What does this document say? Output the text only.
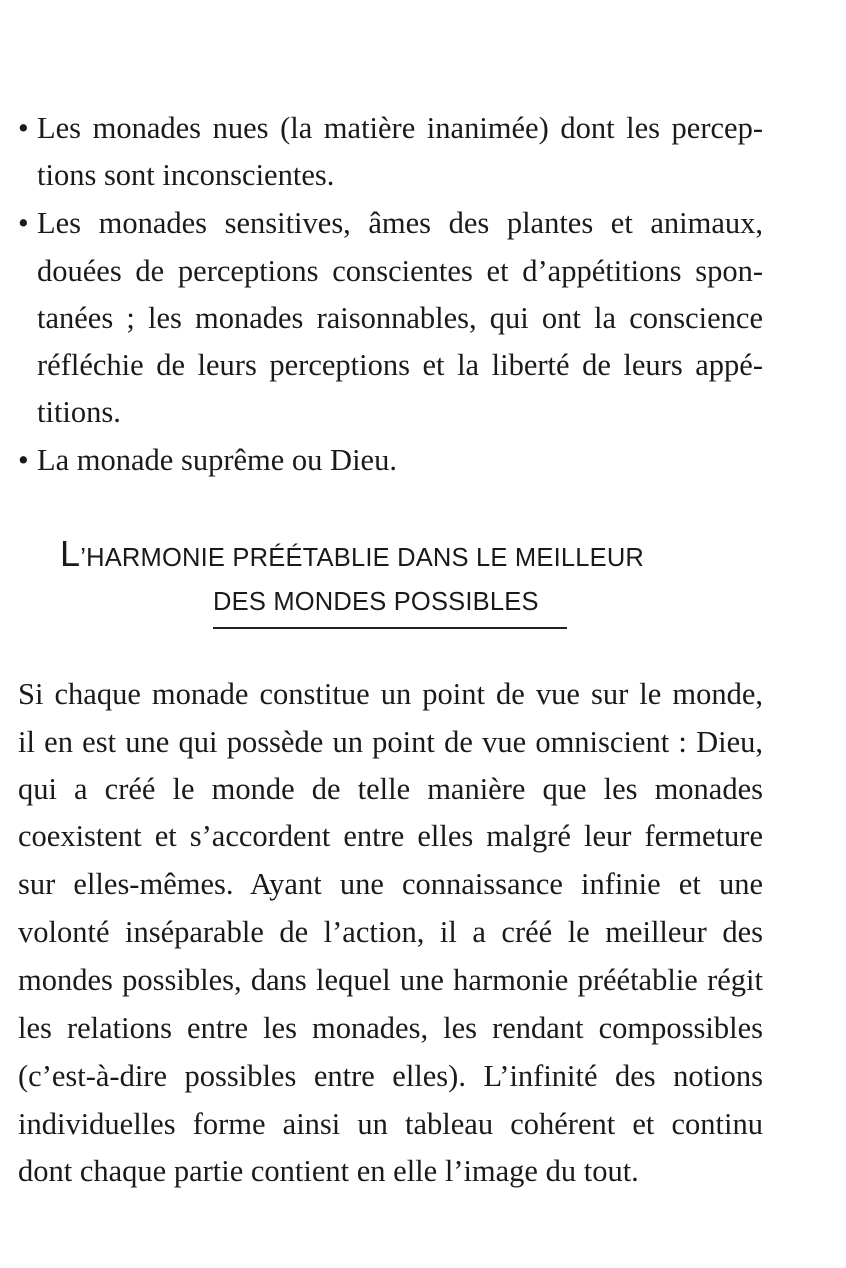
• Les monades nues (la matière inanimée) dont les percep-
tions sont inconscientes.
• Les monades sensitives, âmes des plantes et animaux,
douées de perceptions conscientes et d’appétitions spon-
tanées ; les monades raisonnables, qui ont la conscience
réfléchie de leurs perceptions et la liberté de leurs appé-
titions.
• La monade suprême ou Dieu.
L’HARMONIE PRÉÉTABLIE DANS LE MEILLEUR
DES MONDES POSSIBLES
Si chaque monade constitue un point de vue sur le monde,
il en est une qui possède un point de vue omniscient : Dieu,
qui a créé le monde de telle manière que les monades
coexistent et s’accordent entre elles malgré leur fermeture
sur elles-mêmes. Ayant une connaissance infinie et une
volonté inséparable de l’action, il a créé le meilleur des
mondes possibles, dans lequel une harmonie préétablie régit
les relations entre les monades, les rendant compossibles
(c’est-à-dire possibles entre elles). L’infinité des notions
individuelles forme ainsi un tableau cohérent et continu
dont chaque partie contient en elle l’image du tout.
